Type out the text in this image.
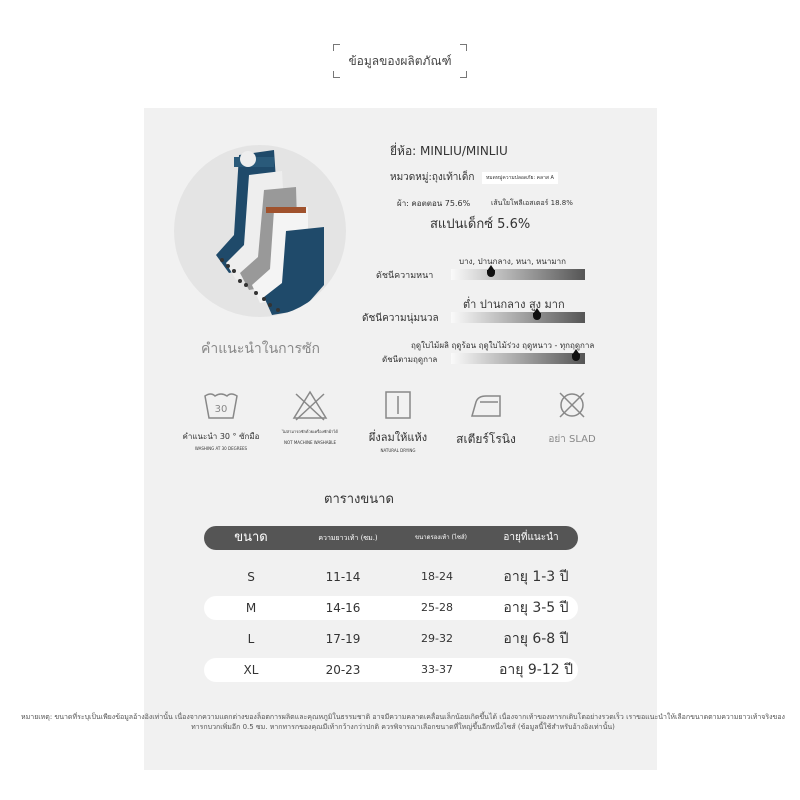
ข้อมูลของผลิตภัณฑ์
ยี่ห้อ: MINLIU/MINLIU
หมวดหมู่:ถุงเท้าเด็ก	หมดหมู่ความปลอดภัย: คลาส A
ผ้า: คอตตอน 75.6%	เส้นใยโพลีเอสเตอร์ 18.8%
สแปนเด็กซ์ 5.6%
บาง, ปานกลาง, หนา, หนามาก
ดัชนีความหนา
ต่ำ ปานกลาง สูง มาก
ดัชนีความนุ่มนวล
ฤดูใบไม้ผลิ ฤดูร้อน ฤดูใบไม้ร่วง ฤดูหนาว - ทุกฤดูกาล
ดัชนีตามฤดูกาล
คำแนะนำในการซัก
30
คำแนะนำ 30 ° ซักมือ
WASHING AT 30 DEGREES
ไม่สามารถซักด้วยเครื่องซักผ้าได้
NOT MACHINE WASHABLE	ผึ่งลมให้แห้ง
NATURAL DRYING
สเตียร์โรนิง	อย่า SLAD
ตารางขนาด
ขนาด	ความยาวเท้า (ซม.)	ขนาดรองเท้า (ไซส์)	อายุที่แนะนำ
S	11-14	18-24	อายุ 1-3 ปี
M	14-16	25-28	อายุ 3-5 ปี
L	17-19	29-32	อายุ 6-8 ปี
XL	20-23	33-37	อายุ 9-12 ปี
หมายเหตุ: ขนาดที่ระบุเป็นเพียงข้อมูลอ้างอิงเท่านั้น เนื่องจากความแตกต่างของล็อตการผลิตและคุณหภูมิในธรรมชาติ อาจมีความคลาดเคลื่อนเล็กน้อยเกิดขึ้นได้ เนื่องจากเท้าของทารกเติบโตอย่างรวดเร็ว เราขอแนะนำให้เลือกขนาดตามความยาวเท้าจริงของทารกบวกเพิ่มอีก 0.5 ซม. หากทารกของคุณมีเท้ากว้างกว่าปกติ ควรพิจารณาเลือกขนาดที่ใหญ่ขึ้นอีกหนึ่งไซส์ (ข้อมูลนี้ใช้สำหรับอ้างอิงเท่านั้น)
